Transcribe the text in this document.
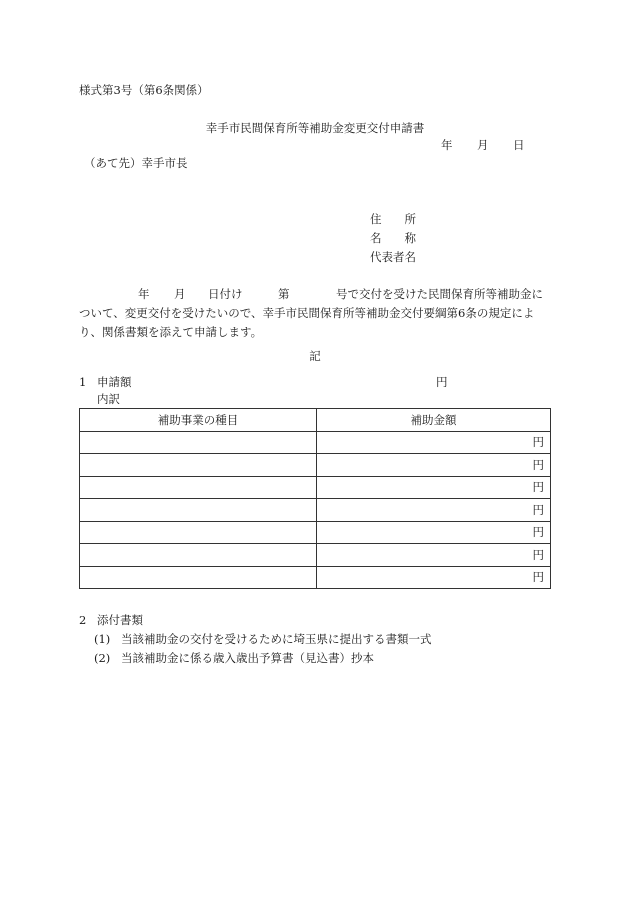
様式第3号（第6条関係）
幸手市民間保育所等補助金変更交付申請書
年 月 日
（あて先）幸手市長
住　　所
名　　称
代表者名
年 月 日付け	第	号で交付を受けた民間保育所等補助金に
ついて、変更交付を受けたいので、幸手市民間保育所等補助金交付要綱第6条の規定によ
り、関係書類を添えて申請します。
記
1 申請額	円
内訳
補助事業の種目	補助金額
	円
	円
	円
	円
	円
	円
	円
2 添付書類
(1) 当該補助金の交付を受けるために埼玉県に提出する書類一式
(2) 当該補助金に係る歳入歳出予算書（見込書）抄本
